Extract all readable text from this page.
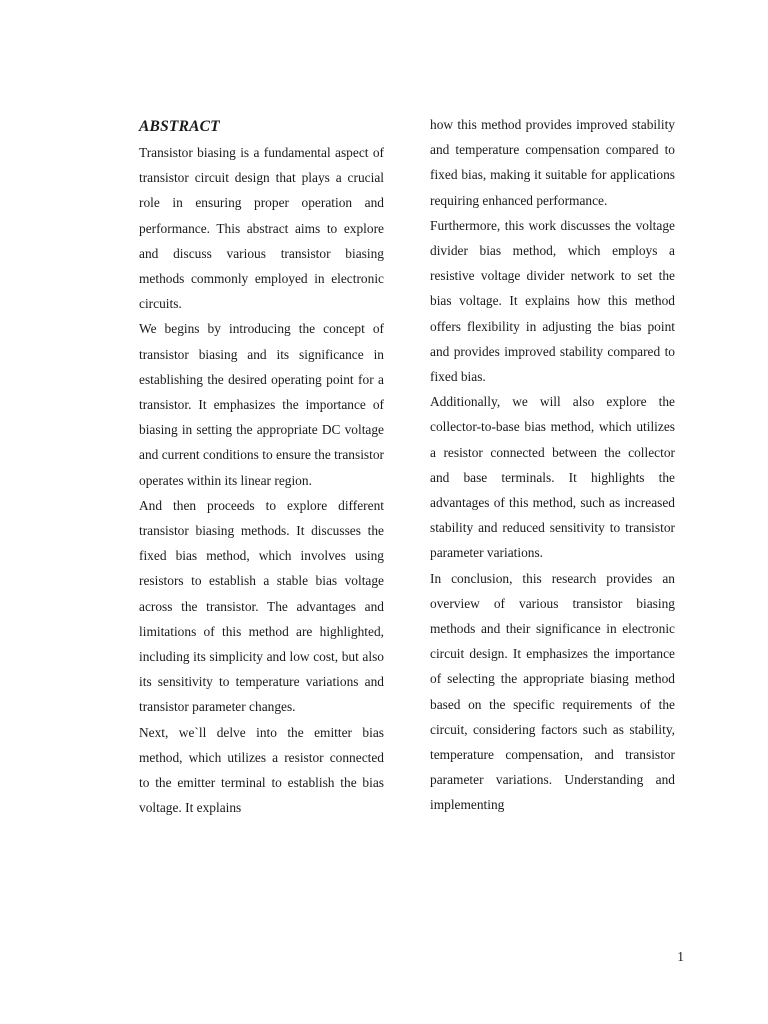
ABSTRACT

Transistor biasing is a fundamental aspect of transistor circuit design that plays a crucial role in ensuring proper operation and performance. This abstract aims to explore and discuss various transistor biasing methods commonly employed in electronic circuits.

We begins by introducing the concept of transistor biasing and its significance in establishing the desired operating point for a transistor. It emphasizes the importance of biasing in setting the appropriate DC voltage and current conditions to ensure the transistor operates within its linear region.

And then proceeds to explore different transistor biasing methods. It discusses the fixed bias method, which involves using resistors to establish a stable bias voltage across the transistor. The advantages and limitations of this method are highlighted, including its simplicity and low cost, but also its sensitivity to temperature variations and transistor parameter changes.

Next, we`ll delve into the emitter bias method, which utilizes a resistor connected to the emitter terminal to establish the bias voltage. It explains

how this method provides improved stability and temperature compensation compared to fixed bias, making it suitable for applications requiring enhanced performance.

Furthermore, this work discusses the voltage divider bias method, which employs a resistive voltage divider network to set the bias voltage. It explains how this method offers flexibility in adjusting the bias point and provides improved stability compared to fixed bias.

Additionally, we will also explore the collector-to-base bias method, which utilizes a resistor connected between the collector and base terminals. It highlights the advantages of this method, such as increased stability and reduced sensitivity to transistor parameter variations.

In conclusion, this research provides an overview of various transistor biasing methods and their significance in electronic circuit design. It emphasizes the importance of selecting the appropriate biasing method based on the specific requirements of the circuit, considering factors such as stability, temperature compensation, and transistor parameter variations. Understanding and implementing

1
